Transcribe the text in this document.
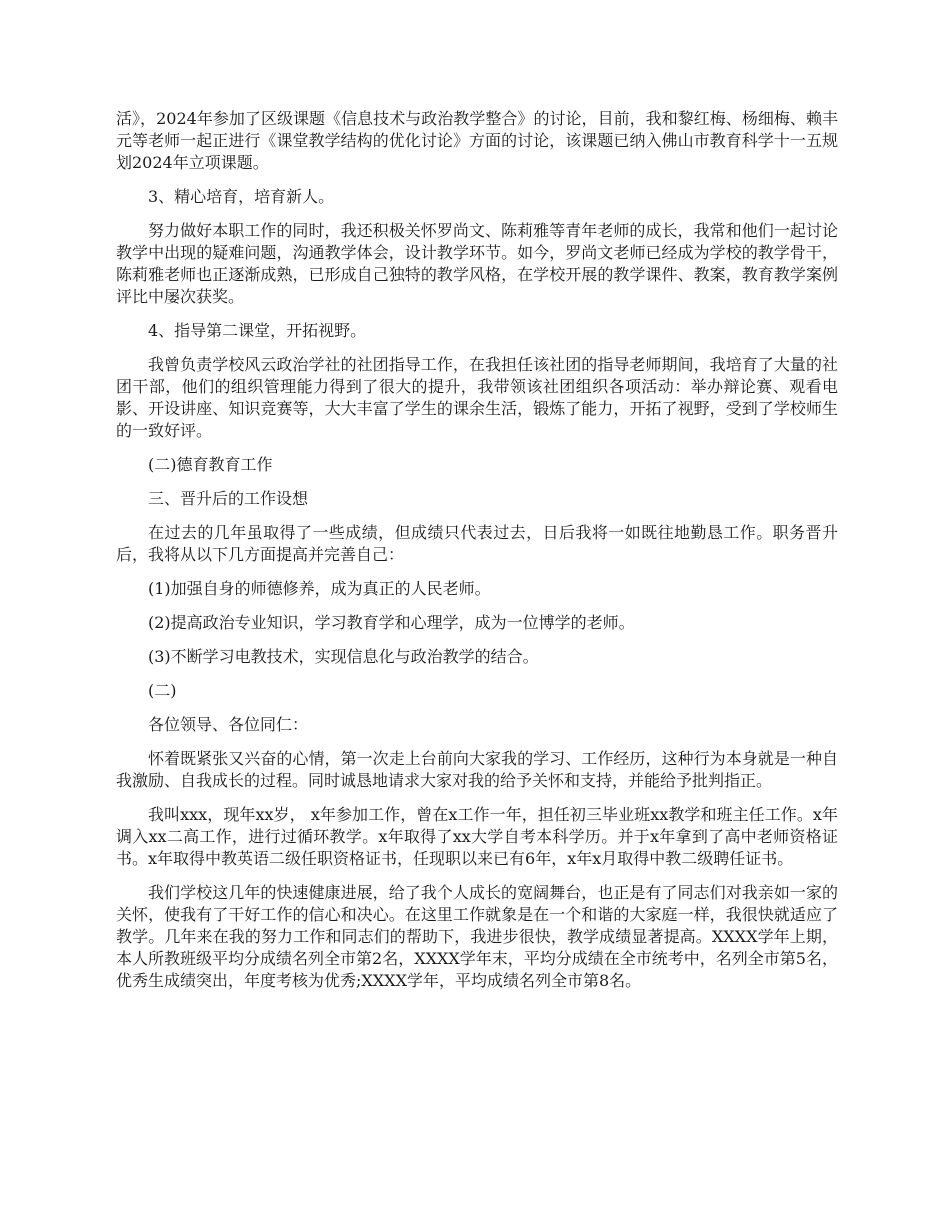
活》，2024年参加了区级课题《信息技术与政治教学整合》的讨论，目前，我和黎红梅、杨细梅、赖丰元等老师一起正进行《课堂教学结构的优化讨论》方面的讨论，该课题已纳入佛山市教育科学十一五规划2024年立项课题。

3、精心培育，培育新人。

努力做好本职工作的同时，我还积极关怀罗尚文、陈莉雅等青年老师的成长，我常和他们一起讨论教学中出现的疑难问题，沟通教学体会，设计教学环节。如今，罗尚文老师已经成为学校的教学骨干，陈莉雅老师也正逐渐成熟，已形成自己独特的教学风格，在学校开展的教学课件、教案，教育教学案例评比中屡次获奖。

4、指导第二课堂，开拓视野。

我曾负责学校风云政治学社的社团指导工作，在我担任该社团的指导老师期间，我培育了大量的社团干部，他们的组织管理能力得到了很大的提升，我带领该社团组织各项活动：举办辩论赛、观看电影、开设讲座、知识竞赛等，大大丰富了学生的课余生活，锻炼了能力，开拓了视野，受到了学校师生的一致好评。

(二)德育教育工作

三、晋升后的工作设想

在过去的几年虽取得了一些成绩，但成绩只代表过去，日后我将一如既往地勤恳工作。职务晋升后，我将从以下几方面提高并完善自己：

(1)加强自身的师德修养，成为真正的人民老师。

(2)提高政治专业知识，学习教育学和心理学，成为一位博学的老师。

(3)不断学习电教技术，实现信息化与政治教学的结合。

(二)

各位领导、各位同仁：

怀着既紧张又兴奋的心情，第一次走上台前向大家我的学习、工作经历，这种行为本身就是一种自我激励、自我成长的过程。同时诚恳地请求大家对我的给予关怀和支持，并能给予批判指正。

我叫xxx，现年xx岁， x年参加工作，曾在x工作一年，担任初三毕业班xx教学和班主任工作。x年调入xx二高工作，进行过循环教学。x年取得了xx大学自考本科学历。并于x年拿到了高中老师资格证书。x年取得中教英语二级任职资格证书，任现职以来已有6年，x年x月取得中教二级聘任证书。

我们学校这几年的快速健康进展，给了我个人成长的宽阔舞台，也正是有了同志们对我亲如一家的关怀，使我有了干好工作的信心和决心。在这里工作就象是在一个和谐的大家庭一样，我很快就适应了教学。几年来在我的努力工作和同志们的帮助下，我进步很快，教学成绩显著提高。XXXX学年上期，本人所教班级平均分成绩名列全市第2名，XXXX学年末，平均分成绩在全市统考中，名列全市第5名，优秀生成绩突出，年度考核为优秀;XXXX学年，平均成绩名列全市第8名。
